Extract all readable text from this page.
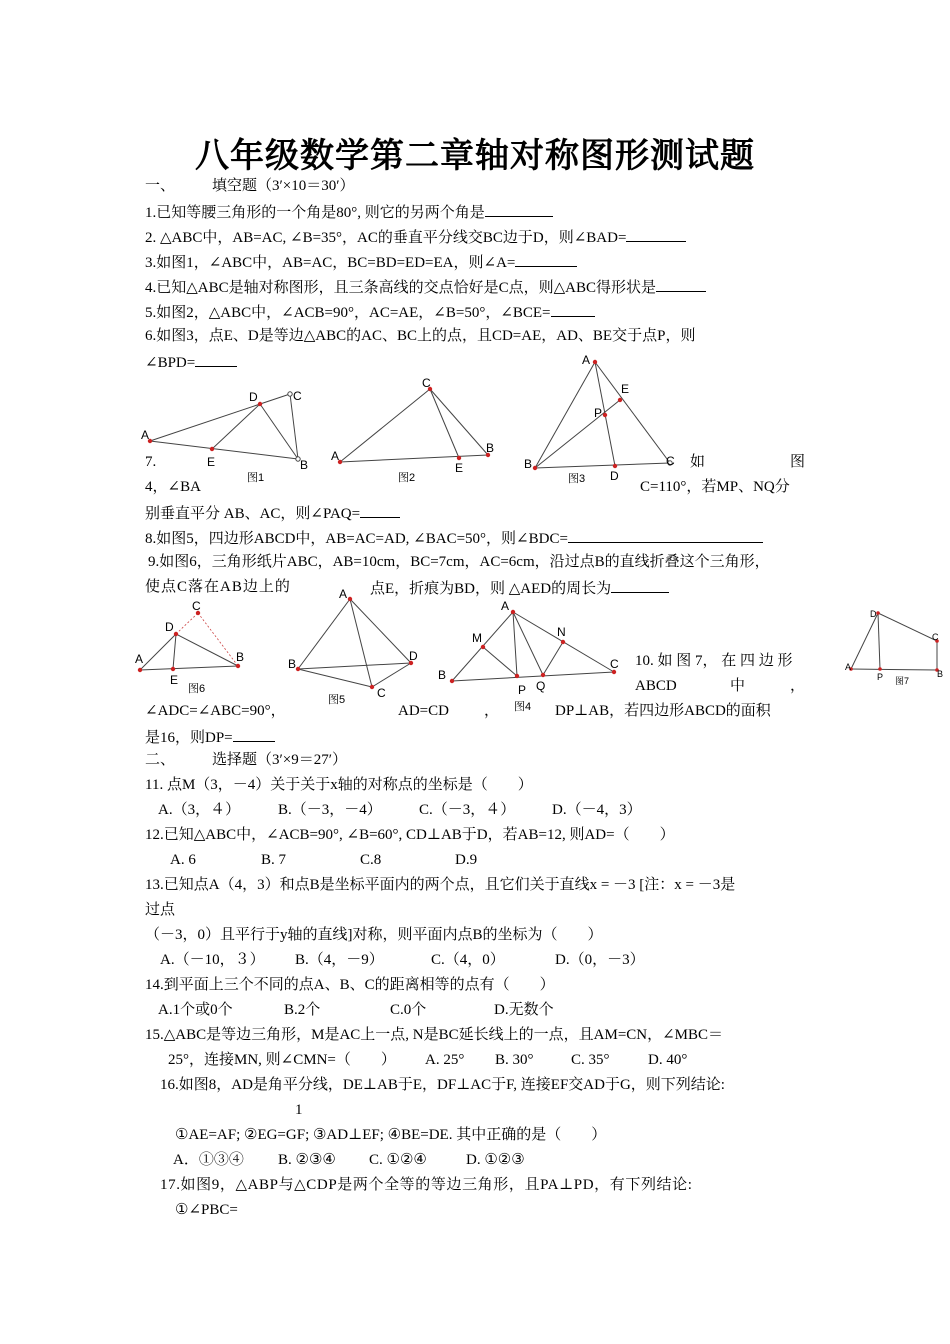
八年级数学第二章轴对称图形测试题
一、 填空题（3′×10＝30′）
1.已知等腰三角形的一个角是80°, 则它的另两个角是
2. △ABC中，AB=AC, ∠B=35°，AC的垂直平分线交BC边于D，则∠BAD=
3.如图1，∠ABC中，AB=AC，BC=BD=ED=EA，则∠A=
4.已知△ABC是轴对称图形，且三条高线的交点恰好是C点，则△ABC得形状是
5.如图2，△ABC中，∠ACB=90°，AC=AE，∠B=50°，∠BCE=
6.如图3，点E、D是等边△ABC的AC、BC上的点，且CD=AE，AD、BE交于点P，则
∠BPD=
A
D	C
E	B
图1
A
C
B
E
图2
A
E
P
B
D
C
图3
7.	如	图
4，∠BA	C=110°，若MP、NQ分
别垂直平分 AB、AC，则∠PAQ=
8.如图5，四边形ABCD中，AB=AC=AD, ∠BAC=50°，则∠BDC=
9.如图6，三角形纸片ABC，AB=10cm，BC=7cm，AC=6cm，沿过点B的直线折叠这个三角形，
使点C落在AB边上的	点E，折痕为BD，则 △AED的周长为
C
D
A	B
E
图6
A
B
D
C
图5
A
M	N
B
C
P Q
图4
D
C
A
B
P 图7
10. 如 图 7， 在 四 边 形
ABCD	中	，
∠ADC=∠ABC=90°，	AD=CD ，	DP⊥AB，若四边形ABCD的面积
是16，则DP=
二、 选择题（3′×9＝27′）
11. 点M（3，－4）关于关于x轴的对称点的坐标是（　　）
A.（3，４）	B.（－3，－4） C.（－3，４） D.（－4，3）
12.已知△ABC中，∠ACB=90°, ∠B=60°, CD⊥AB于D，若AB=12, 则AD=（　　）
A. 6	B. 7	C.8	D.9
13.已知点A（4，3）和点B是坐标平面内的两个点，且它们关于直线x = －3 [注：x = －3是
过点
（－3，0）且平行于y轴的直线]对称，则平面内点B的坐标为（　　）
A.（－10，３） B.（4，－9）	C.（4，0）	D.（0，－3）
14.到平面上三个不同的点A、B、C的距离相等的点有（　　）
A.1个或0个	B.2个	C.0个	D.无数个
15.△ABC是等边三角形，M是AC上一点, N是BC延长线上的一点，且AM=CN，∠MBC＝
25°，连接MN, 则∠CMN=（　　） A. 25° B. 30° C. 35°	D. 40°
16.如图8，AD是角平分线，DE⊥AB于E，DF⊥AC于F, 连接EF交AD于G，则下列结论:
1
①AE=AF; ②EG=GF; ③AD⊥EF; ④BE=DE. 其中正确的是（　　）
A．①③④ B. ②③④ C. ①②④	D. ①②③
17.如图9，△ABP与△CDP是两个全等的等边三角形，且PA⊥PD，有下列结论:
①∠PBC=
